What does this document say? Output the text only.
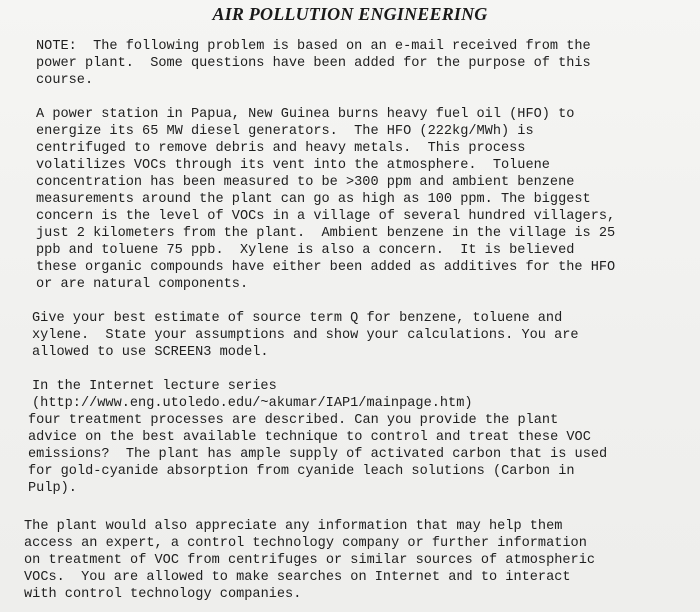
AIR POLLUTION ENGINEERING
NOTE:  The following problem is based on an e-mail received from the
power plant.  Some questions have been added for the purpose of this
course.
A power station in Papua, New Guinea burns heavy fuel oil (HFO) to
energize its 65 MW diesel generators.  The HFO (222kg/MWh) is
centrifuged to remove debris and heavy metals.  This process
volatilizes VOCs through its vent into the atmosphere.  Toluene
concentration has been measured to be >300 ppm and ambient benzene
measurements around the plant can go as high as 100 ppm. The biggest
concern is the level of VOCs in a village of several hundred villagers,
just 2 kilometers from the plant.  Ambient benzene in the village is 25
ppb and toluene 75 ppb.  Xylene is also a concern.  It is believed
these organic compounds have either been added as additives for the HFO
or are natural components.
Give your best estimate of source term Q for benzene, toluene and
xylene.  State your assumptions and show your calculations. You are
allowed to use SCREEN3 model.
In the Internet lecture series
(http://www.eng.utoledo.edu/~akumar/IAP1/mainpage.htm)
four treatment processes are described. Can you provide the plant
advice on the best available technique to control and treat these VOC
emissions?  The plant has ample supply of activated carbon that is used
for gold-cyanide absorption from cyanide leach solutions (Carbon in
Pulp).
The plant would also appreciate any information that may help them
access an expert, a control technology company or further information
on treatment of VOC from centrifuges or similar sources of atmospheric
VOCs.  You are allowed to make searches on Internet and to interact
with control technology companies.
